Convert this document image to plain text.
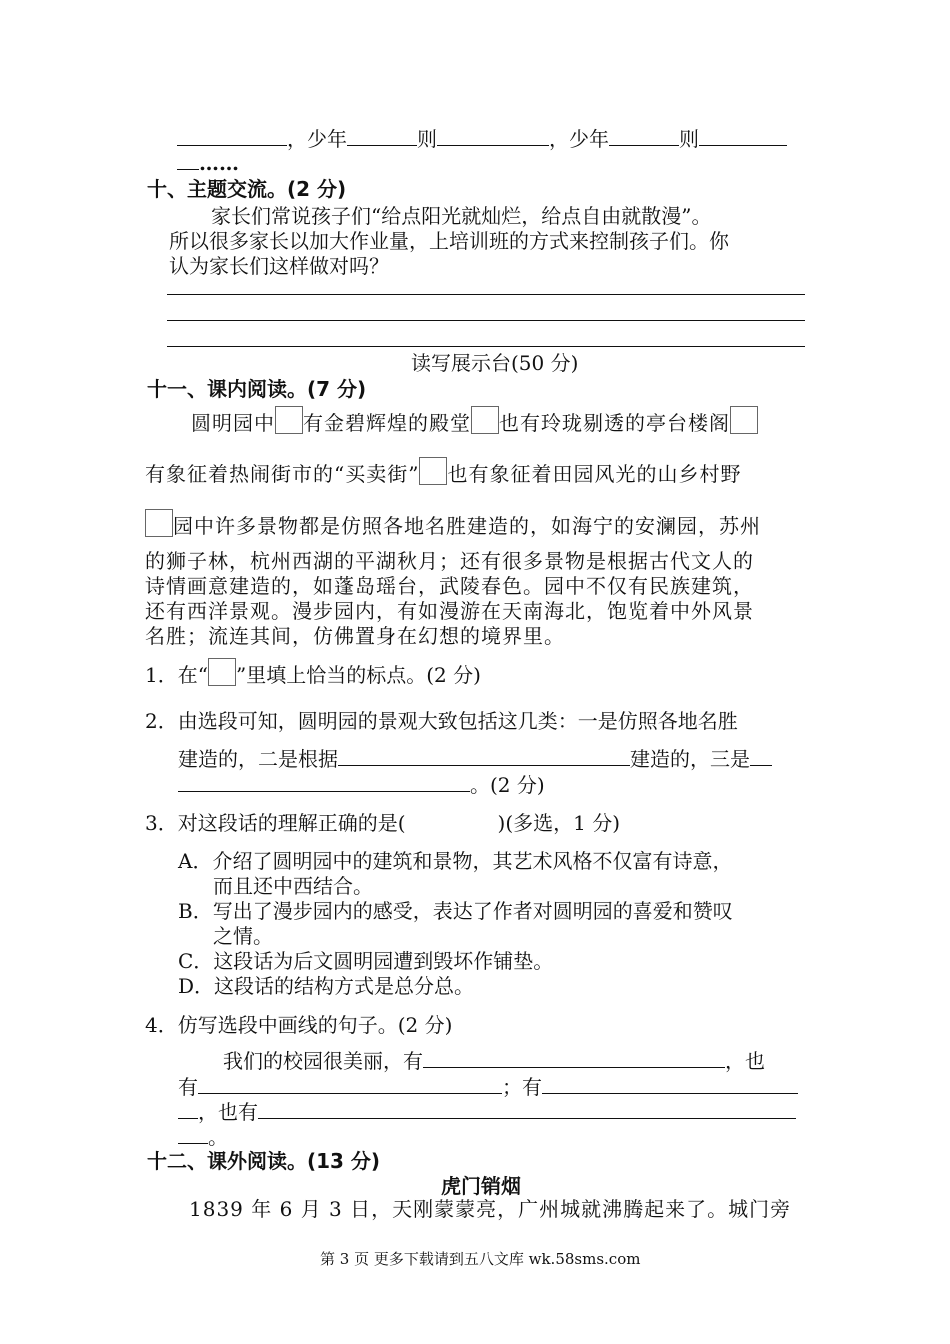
，少年	则	，少年	则
……
十、主题交流。(2 分)
家长们常说孩子们“给点阳光就灿烂，给点自由就散漫”。
所以很多家长以加大作业量，上培训班的方式来控制孩子们。你
认为家长们这样做对吗？
读写展示台(50 分)
十一、课内阅读。(7 分)
圆明园中 有金碧辉煌的殿堂 也有玲珑剔透的亭台楼阁
有象征着热闹街市的“买卖街” 也有象征着田园风光的山乡村野
园中许多景物都是仿照各地名胜建造的，如海宁的安澜园，苏州
的狮子林，杭州西湖的平湖秋月；还有很多景物是根据古代文人的
诗情画意建造的，如蓬岛瑶台，武陵春色。园中不仅有民族建筑，
还有西洋景观。漫步园内，有如漫游在天南海北，饱览着中外风景
名胜；流连其间，仿佛置身在幻想的境界里。
1．在“ ”里填上恰当的标点。(2 分)
2．由选段可知，圆明园的景观大致包括这几类：一是仿照各地名胜
建造的，二是根据	建造的，三是
。(2 分)
3．对这段话的理解正确的是(	)(多选，1 分)
A．介绍了圆明园中的建筑和景物，其艺术风格不仅富有诗意，
而且还中西结合。
B．写出了漫步园内的感受，表达了作者对圆明园的喜爱和赞叹
之情。
C．这段话为后文圆明园遭到毁坏作铺垫。
D．这段话的结构方式是总分总。
4．仿写选段中画线的句子。(2 分)
我们的校园很美丽，有	，也
有	；有
，也有
。
十二、课外阅读。(13 分)
虎门销烟
1839 年 6 月 3 日，天刚蒙蒙亮，广州城就沸腾起来了。城门旁
第 3 页 更多下载请到五八文库 wk.58sms.com
